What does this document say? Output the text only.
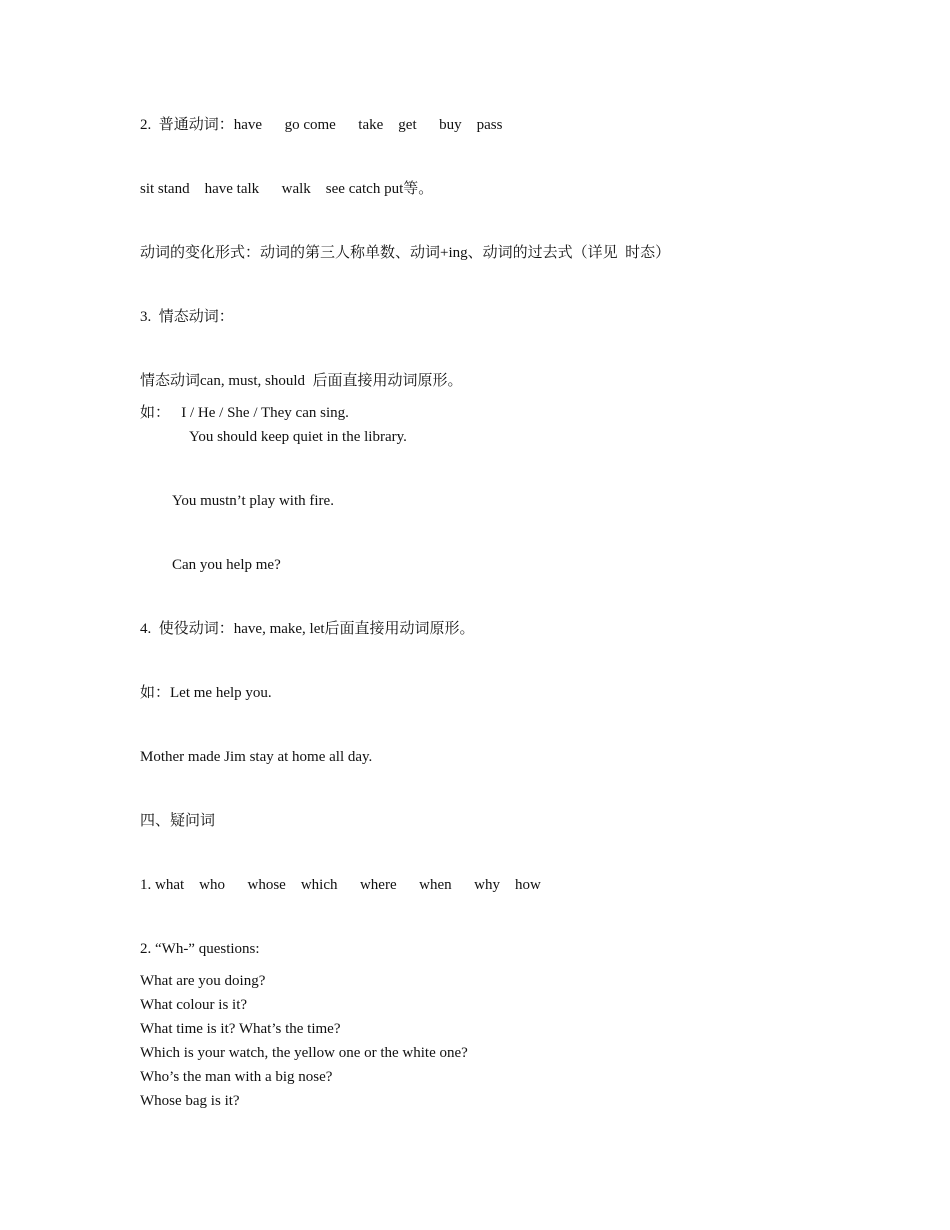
2.  普通动词：have      go come      take    get      buy    pass
sit stand    have talk      walk    see catch put等。
动词的变化形式：动词的第三人称单数、动词+ing、动词的过去式（详见  时态）
3.  情态动词：
情态动词can, must, should  后面直接用动词原形。
如：   I / He / She / They can sing.
You should keep quiet in the library.
You mustn’t play with fire.
Can you help me?
4.  使役动词：have, make, let后面直接用动词原形。
如：Let me help you.
Mother made Jim stay at home all day.
四、疑问词
1. what    who      whose    which      where      when      why    how
2. “Wh-” questions:
What are you doing?
What colour is it?
What time is it? What’s the time?
Which is your watch, the yellow one or the white one?
Who’s the man with a big nose?
Whose bag is it?
